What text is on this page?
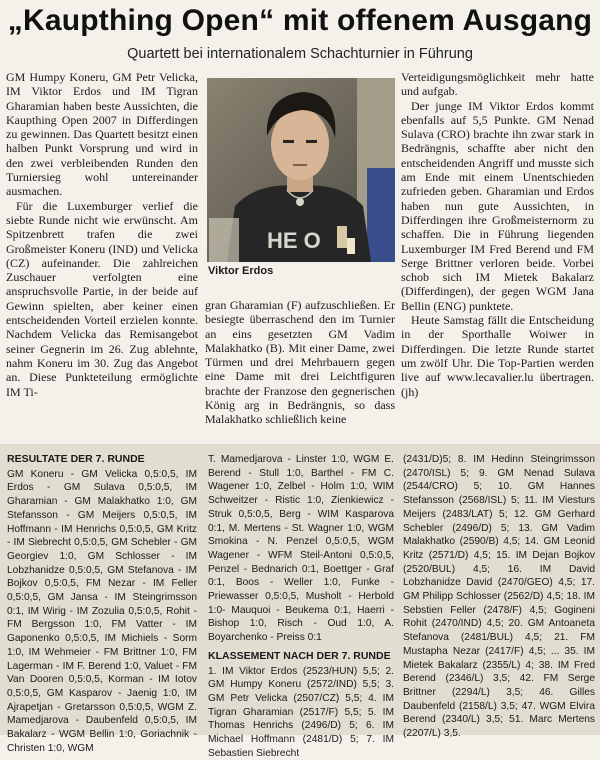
„Kaupthing Open“ mit offenem Ausgang
Quartett bei internationalem Schachturnier in Führung

GM Humpy Koneru, GM Petr Velicka, IM Viktor Erdos und IM Tigran Gharamian haben beste Aussichten, die Kaupthing Open 2007 in Differdingen zu gewinnen. Das Quartett besitzt einen halben Punkt Vorsprung und wird in den zwei verbleibenden Runden den Turniersieg wohl untereinander ausmachen.

Für die Luxemburger verlief die siebte Runde nicht wie erwünscht. Am Spitzenbrett trafen die zwei Großmeister Koneru (IND) und Velicka (CZ) aufeinander. Die zahlreichen Zuschauer verfolgten eine anspruchsvolle Partie, in der beide auf Gewinn spielten, aber keiner einen entscheidenden Vorteil erzielen konnte. Nachdem Velicka das Remisangebot seiner Gegnerin im 26. Zug ablehnte, nahm Koneru im 30. Zug das Angebot an. Diese Punkteteilung ermöglichte IM Ti-

HE O
Viktor Erdos

gran Gharamian (F) aufzuschließen. Er besiegte überraschend den im Turnier an eins gesetzten GM Vadim Malakhatko (B). Mit einer Dame, zwei Türmen und drei Mehrbauern gegen eine Dame mit drei Leichtfiguren brachte der Franzose den gegnerischen König arg in Bedrängnis, so dass Malakhatko schließlich keine

Verteidigungsmöglichkeit mehr hatte und aufgab.

Der junge IM Viktor Erdos kommt ebenfalls auf 5,5 Punkte. GM Nenad Sulava (CRO) brachte ihn zwar stark in Bedrängnis, schaffte aber nicht den entscheidenden Angriff und musste sich am Ende mit einem Unentschieden zufrieden geben. Gharamian und Erdos haben nun gute Aussichten, in Differdingen ihre Großmeisternorm zu schaffen. Die in Führung liegenden Luxemburger IM Fred Berend und FM Serge Brittner verloren beide. Vorbei schob sich IM Mietek Bakalarz (Differdingen), der gegen WGM Jana Bellin (ENG) punktete.

Heute Samstag fällt die Entscheidung in der Sporthalle Woiwer in Differdingen. Die letzte Runde startet um zwölf Uhr. Die Top-Partien werden live auf www.lecavalier.lu übertragen. (jh)

RESULTATE DER 7. RUNDE

GM Koneru - GM Velicka 0,5:0,5, IM Erdos - GM Sulava 0,5:0,5, IM Gharamian - GM Malakhatko 1:0, GM Stefansson - GM Meijers 0,5:0,5, IM Hoffmann - IM Henrichs 0,5:0,5, GM Kritz - IM Siebrecht 0,5:0,5, GM Schebler - GM Georgiev 1:0, GM Schlosser - IM Lobzhanidze 0,5:0,5, GM Stefanova - IM Bojkov 0,5:0,5, FM Nezar - IM Feller 0,5:0,5, GM Jansa - IM Steingrimsson 0:1, IM Wirig - IM Zozulia 0,5:0,5, Rohit - FM Bergsson 1:0, FM Vatter - IM Gaponenko 0,5:0,5, IM Michiels - Sorm 1:0, IM Wehmeier - FM Brittner 1:0, FM Lagerman - IM F. Berend 1:0, Valuet - FM Van Dooren 0,5:0,5, Korman - IM Iotov 0,5:0,5, GM Kasparov - Jaenig 1:0, IM Ajrapetjan - Gretarsson 0,5:0,5, WGM Z. Mamedjarova - Daubenfeld 0,5:0,5, IM Bakalarz - WGM Bellin 1:0, Goriachnik - Christen 1:0, WGM

T. Mamedjarova - Linster 1:0, WGM E. Berend - Stull 1:0, Barthel - FM C. Wagener 1:0, Zelbel - Holm 1:0, WIM Schweitzer - Ristic 1:0, Zienkiewicz - Struk 0,5:0,5, Berg - WIM Kasparova 0:1, M. Mertens - St. Wagner 1:0, WGM Smokina - N. Penzel 0,5:0,5, WGM Wagener - WFM Steil-Antoni 0,5:0,5, Penzel - Bednarich 0:1, Boettger - Graf 0:1, Boos - Weller 1:0, Funke - Priewasser 0,5:0,5, Musholt - Herbold 1:0- Mauquoi - Beukema 0:1, Haerri - Bishop 1:0, Risch - Oud 1:0, A. Boyarchenko - Preiss 0:1

KLASSEMENT NACH DER 7. RUNDE

1. IM Viktor Erdos (2523/HUN) 5,5; 2. GM Humpy Koneru (2572/IND) 5,5; 3. GM Petr Velicka (2507/CZ) 5,5; 4. IM Tigran Gharamian (2517/F) 5,5; 5. IM Thomas Henrichs (2496/D) 5; 6. IM Michael Hoffmann (2481/D) 5; 7. IM Sebastien Siebrecht

(2431/D)5; 8. IM Hedinn Steingrimsson (2470/ISL) 5; 9. GM Nenad Sulava (2544/CRO) 5; 10. GM Hannes Stefansson (2568/ISL) 5; 11. IM Viesturs Meijers (2483/LAT) 5; 12. GM Gerhard Schebler (2496/D) 5; 13. GM Vadim Malakhatko (2590/B) 4,5; 14. GM Leonid Kritz (2571/D) 4,5; 15. IM Dejan Bojkov (2520/BUL) 4,5; 16. IM David Lobzhanidze David (2470/GEO) 4,5; 17. GM Philipp Schlosser (2562/D) 4,5; 18. IM Sebstien Feller (2478/F) 4,5; Gogineni Rohit (2470/IND) 4,5; 20. GM Antoaneta Stefanova (2481/BUL) 4,5; 21. FM Mustapha Nezar (2417/F) 4,5; ... 35. IM Mietek Bakalarz (2355/L) 4; 38. IM Fred Berend (2346/L) 3,5; 42. FM Serge Brittner (2294/L) 3,5; 46. Gilles Daubenfeld (2158/L) 3,5; 47. WGM Elvira Berend (2340/L) 3,5; 51. Marc Mertens (2207/L) 3,5.
